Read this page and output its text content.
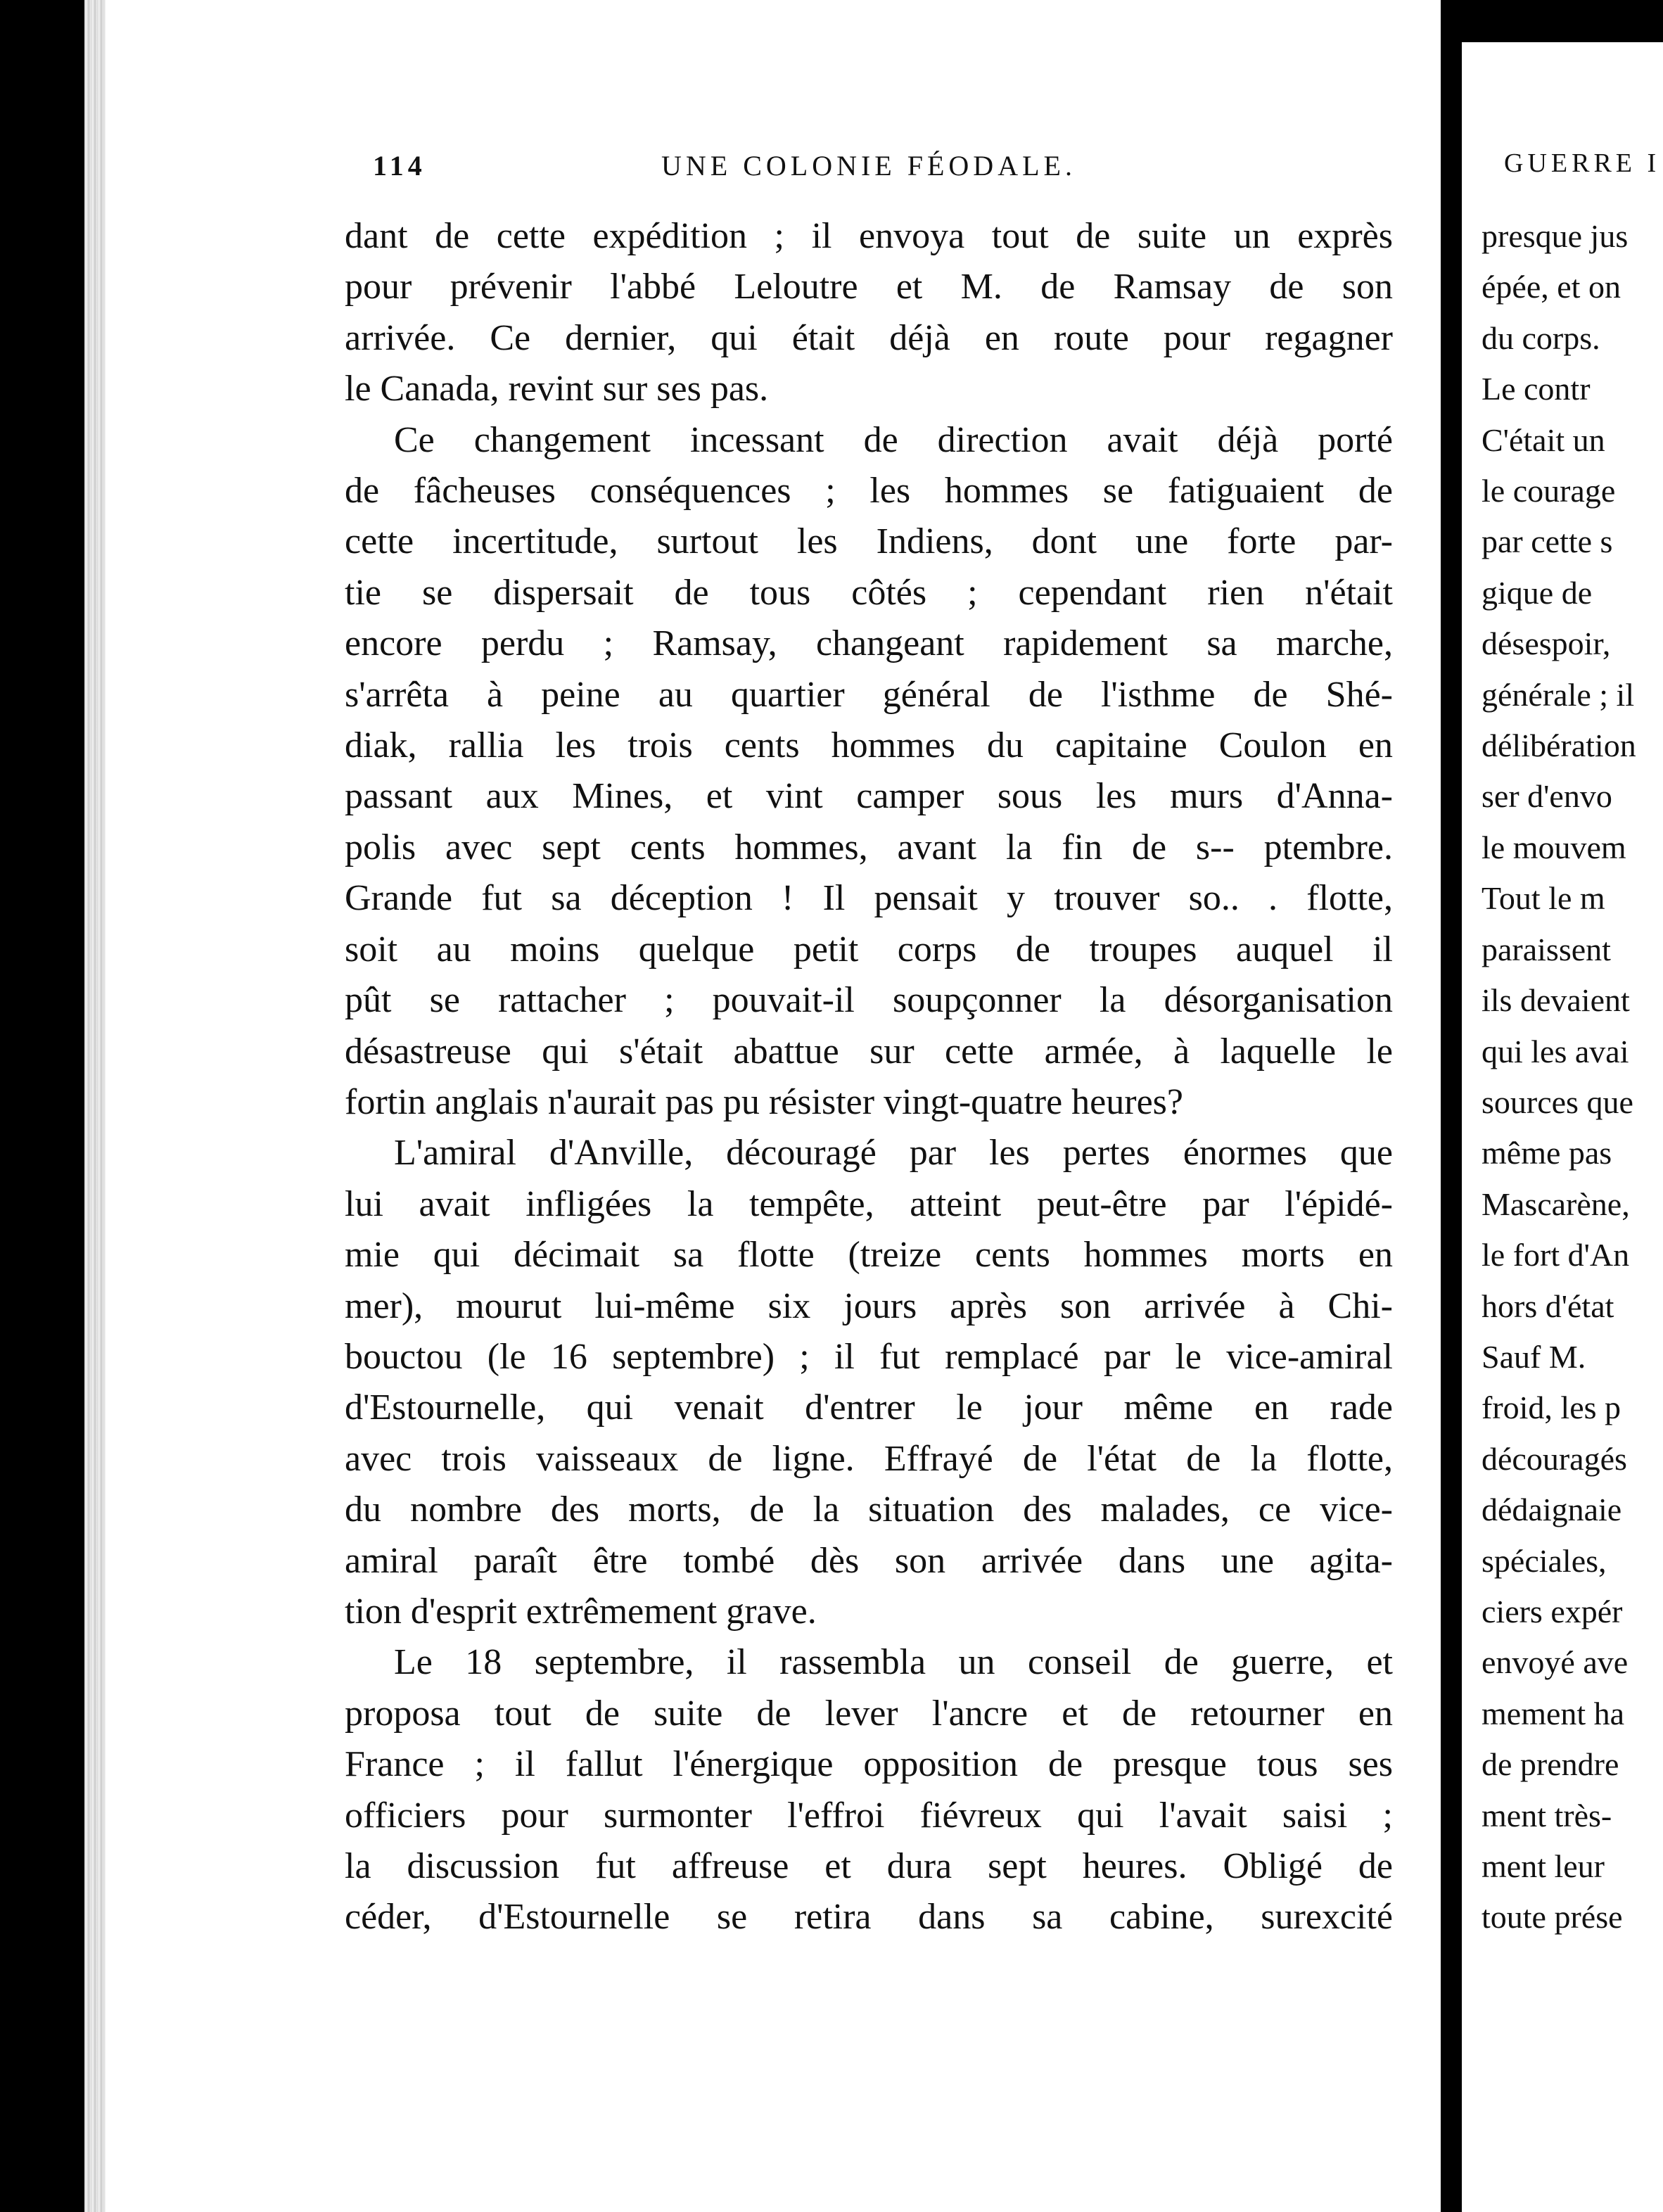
114	UNE COLONIE FÉODALE.
dant de cette expédition ; il envoya tout de suite un exprès
pour prévenir l'abbé Leloutre et M. de Ramsay de son
arrivée. Ce dernier, qui était déjà en route pour regagner
le Canada, revint sur ses pas.
Ce changement incessant de direction avait déjà porté
de fâcheuses conséquences ; les hommes se fatiguaient de
cette incertitude, surtout les Indiens, dont une forte par-
tie se dispersait de tous côtés ; cependant rien n'était
encore perdu ; Ramsay, changeant rapidement sa marche,
s'arrêta à peine au quartier général de l'isthme de Shé-
diak, rallia les trois cents hommes du capitaine Coulon en
passant aux Mines, et vint camper sous les murs d'Anna-
polis avec sept cents hommes, avant la fin de s-- ptembre.
Grande fut sa déception ! Il pensait y trouver so.. . flotte,
soit au moins quelque petit corps de troupes auquel il
pût se rattacher ; pouvait-il soupçonner la désorganisation
désastreuse qui s'était abattue sur cette armée, à laquelle le
fortin anglais n'aurait pas pu résister vingt-quatre heures?
L'amiral d'Anville, découragé par les pertes énormes que
lui avait infligées la tempête, atteint peut-être par l'épidé-
mie qui décimait sa flotte (treize cents hommes morts en
mer), mourut lui-même six jours après son arrivée à Chi-
bouctou (le 16 septembre) ; il fut remplacé par le vice-amiral
d'Estournelle, qui venait d'entrer le jour même en rade
avec trois vaisseaux de ligne. Effrayé de l'état de la flotte,
du nombre des morts, de la situation des malades, ce vice-
amiral paraît être tombé dès son arrivée dans une agita-
tion d'esprit extrêmement grave.
Le 18 septembre, il rassembla un conseil de guerre, et
proposa tout de suite de lever l'ancre et de retourner en
France ; il fallut l'énergique opposition de presque tous ses
officiers pour surmonter l'effroi fiévreux qui l'avait saisi ;
la discussion fut affreuse et dura sept heures. Obligé de
céder, d'Estournelle se retira dans sa cabine, surexcité
GUERRE I
presque jus
épée, et on
du corps.
Le contr
C'était un
le courage
par cette s
gique de
désespoir,
générale ; il
délibération
ser d'envo
le mouvem
Tout le m
paraissent
ils devaient
qui les avai
sources que
même pas
Mascarène,
le fort d'An
hors d'état
Sauf M.
froid, les p
découragés
dédaignaie
spéciales,
ciers expér
envoyé ave
mement ha
de prendre
ment très-
ment leur
toute prése
